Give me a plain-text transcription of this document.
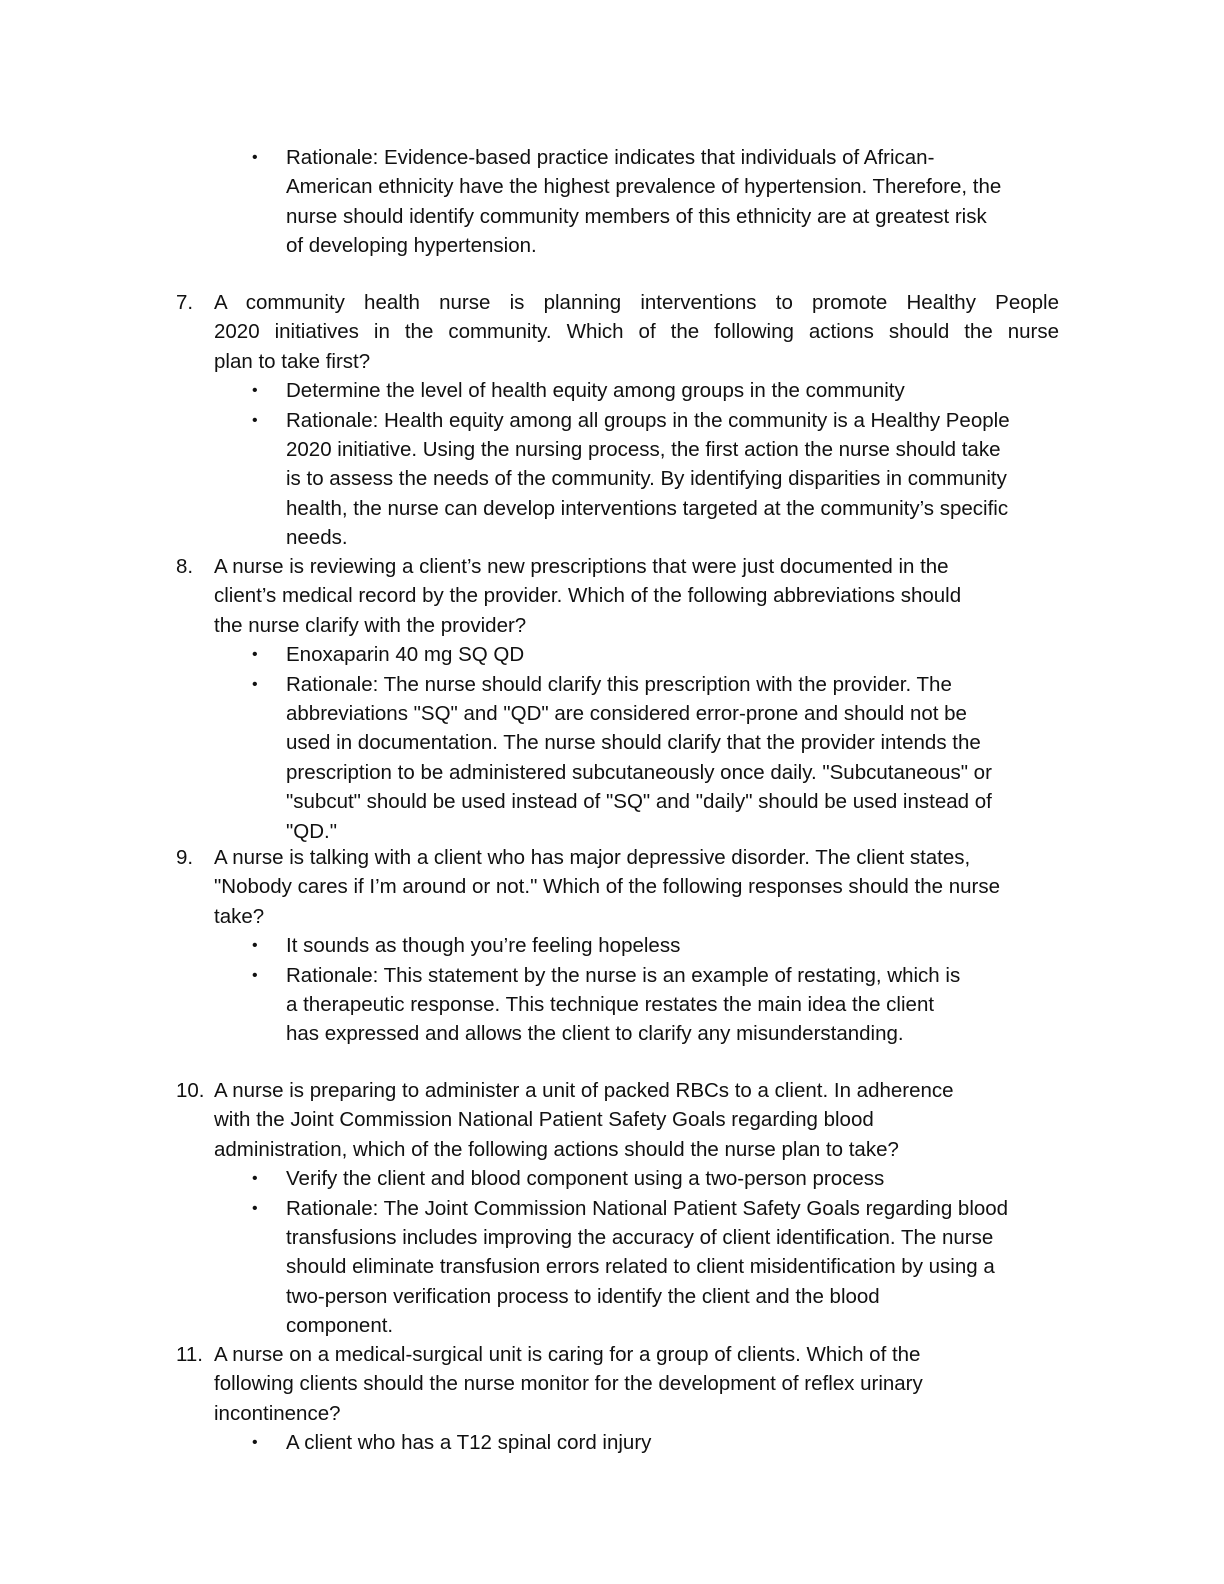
• Rationale: Evidence-based practice indicates that individuals of African-
American ethnicity have the highest prevalence of hypertension. Therefore, the
nurse should identify community members of this ethnicity are at greatest risk
of developing hypertension.
7. A community health nurse is planning interventions to promote Healthy People
2020 initiatives in the community. Which of the following actions should the nurse
plan to take first?
• Determine the level of health equity among groups in the community
• Rationale: Health equity among all groups in the community is a Healthy People
2020 initiative. Using the nursing process, the first action the nurse should take
is to assess the needs of the community. By identifying disparities in community
health, the nurse can develop interventions targeted at the community’s specific
needs.
8. A nurse is reviewing a client’s new prescriptions that were just documented in the
client’s medical record by the provider. Which of the following abbreviations should
the nurse clarify with the provider?
• Enoxaparin 40 mg SQ QD
• Rationale: The nurse should clarify this prescription with the provider. The
abbreviations "SQ" and "QD" are considered error-prone and should not be
used in documentation. The nurse should clarify that the provider intends the
prescription to be administered subcutaneously once daily. "Subcutaneous" or
"subcut" should be used instead of "SQ" and "daily" should be used instead of
"QD."
9. A nurse is talking with a client who has major depressive disorder. The client states,
"Nobody cares if I’m around or not." Which of the following responses should the nurse
take?
• It sounds as though you’re feeling hopeless
• Rationale: This statement by the nurse is an example of restating, which is
a therapeutic response. This technique restates the main idea the client
has expressed and allows the client to clarify any misunderstanding.
10. A nurse is preparing to administer a unit of packed RBCs to a client. In adherence
with the Joint Commission National Patient Safety Goals regarding blood
administration, which of the following actions should the nurse plan to take?
• Verify the client and blood component using a two-person process
• Rationale: The Joint Commission National Patient Safety Goals regarding blood
transfusions includes improving the accuracy of client identification. The nurse
should eliminate transfusion errors related to client misidentification by using a
two-person verification process to identify the client and the blood
component.
11. A nurse on a medical-surgical unit is caring for a group of clients. Which of the
following clients should the nurse monitor for the development of reflex urinary
incontinence?
• A client who has a T12 spinal cord injury
